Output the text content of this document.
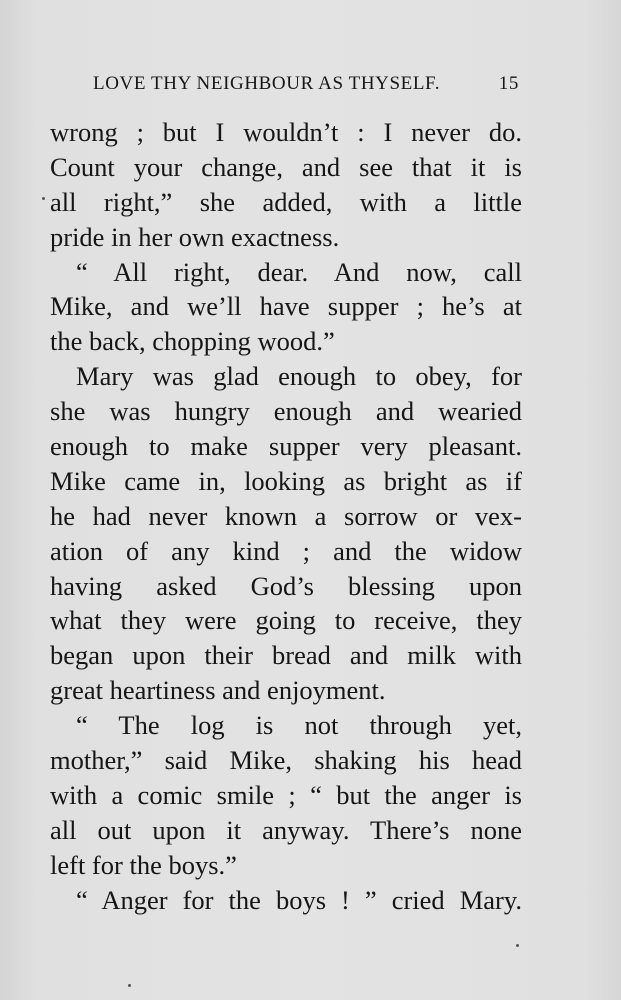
LOVE THY NEIGHBOUR AS THYSELF.	15
wrong ; but I wouldn’t : I never do.
Count your change, and see that it is
all right,” she added, with a little
pride in her own exactness.
“ All right, dear. And now, call
Mike, and we’ll have supper ; he’s at
the back, chopping wood.”
Mary was glad enough to obey, for
she was hungry enough and wearied
enough to make supper very pleasant.
Mike came in, looking as bright as if
he had never known a sorrow or vex-
ation of any kind ; and the widow
having asked God’s blessing upon
what they were going to receive, they
began upon their bread and milk with
great heartiness and enjoyment.
“ The log is not through yet,
mother,” said Mike, shaking his head
with a comic smile ; “ but the anger is
all out upon it anyway. There’s none
left for the boys.”
“ Anger for the boys ! ” cried Mary.
